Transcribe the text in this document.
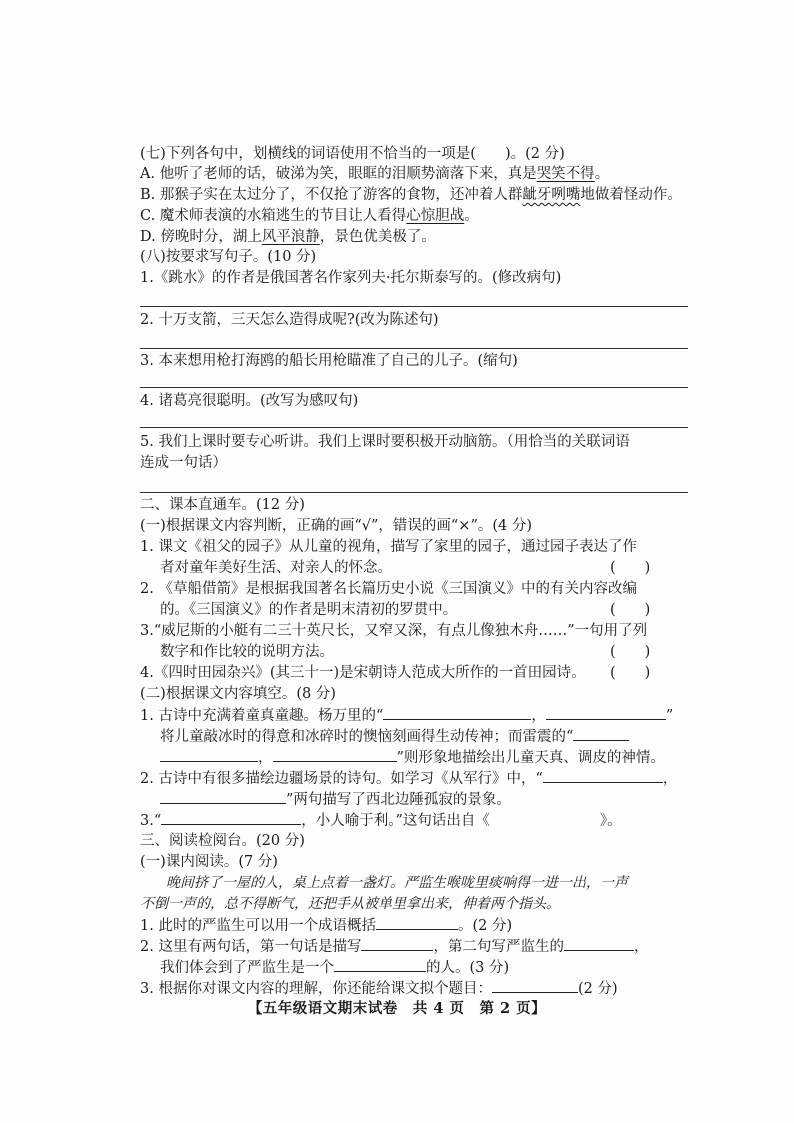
(七)下列各句中，划横线的词语使用不恰当的一项是(　　)。(2 分)
A. 他听了老师的话，破涕为笑，眼眶的泪顺势滴落下来，真是哭笑不得。
B. 那猴子实在太过分了，不仅抢了游客的食物，还冲着人群龇牙咧嘴地做着怪动作。
C. 魔术师表演的水箱逃生的节目让人看得心惊胆战。
D. 傍晚时分，湖上风平浪静，景色优美极了。
(八)按要求写句子。(10 分)
1.《跳水》的作者是俄国著名作家列夫·托尔斯泰写的。(修改病句)
2. 十万支箭，三天怎么造得成呢?(改为陈述句)
3. 本来想用枪打海鸥的船长用枪瞄准了自己的儿子。(缩句)
4. 诸葛亮很聪明。(改写为感叹句)
5. 我们上课时要专心听讲。我们上课时要积极开动脑筋。（用恰当的关联词语
连成一句话）
二、课本直通车。(12 分)
(一)根据课文内容判断，正确的画“√”，错误的画“×”。(4 分)
1. 课文《祖父的园子》从儿童的视角，描写了家里的园子，通过园子表达了作
者对童年美好生活、对亲人的怀念。	(　　)
2. 《草船借箭》是根据我国著名长篇历史小说《三国演义》中的有关内容改编
的。《三国演义》的作者是明末清初的罗贯中。	(　　)
3.“威尼斯的小艇有二三十英尺长，又窄又深，有点儿像独木舟……”一句用了列
数字和作比较的说明方法。	(　　)
4.《四时田园杂兴》(其三十一)是宋朝诗人范成大所作的一首田园诗。 (　　)
(二)根据课文内容填空。(8 分)
1. 古诗中充满着童真童趣。杨万里的“	，	”
将儿童敲冰时的得意和冰碎时的懊恼刻画得生动传神；而雷震的“
，	”则形象地描绘出儿童天真、调皮的神情。
2. 古诗中有很多描绘边疆场景的诗句。如学习《从军行》中，“	，
”两句描写了西北边陲孤寂的景象。
3.“	，小人喻于利。”这句话出自《	》。
三、阅读检阅台。(20 分)
(一)课内阅读。(7 分)
晚间挤了一屋的人，桌上点着一盏灯。严监生喉咙里痰响得一进一出，一声
不倒一声的，总不得断气，还把手从被单里拿出来，伸着两个指头。
1. 此时的严监生可以用一个成语概括	。(2 分)
2. 这里有两句话，第一句话是描写	，第二句写严监生的	，
我们体会到了严监生是一个	的人。(3 分)
3. 根据你对课文内容的理解，你还能给课文拟个题目：	(2 分)
【五年级语文期末试卷　共 4 页　第 2 页】
